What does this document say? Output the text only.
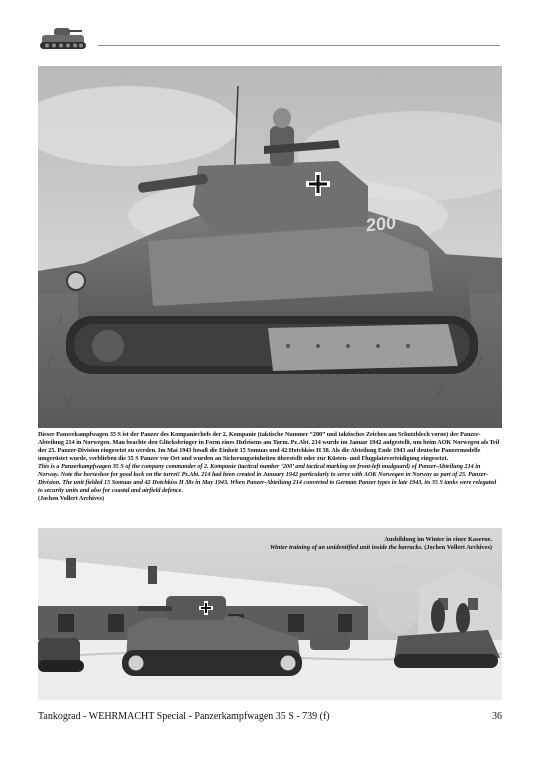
200

Dieser Panzerkampfwagen 35 S ist der Panzer des Kompaniechefs der 2. Kompanie (taktische Nummer “200” und taktisches Zeichen am Schutzblech vorne) der Panzer-Abteilung 214 in Norwegen. Man beachte den Glücksbringer in Form eines Hufeisens am Turm. Pz.Abt. 214 wurde im Januar 1942 aufgestellt, um beim AOK Norwegen als Teil der 25. Panzer-Division eingesetzt zu werden. Im Mai 1943 besaß die Einheit 15 Somuas und 42 Hotchkiss H 38. Als die Abteilung Ende 1943 auf deutsche Panzermodelle umgerüstet wurde, verblieben die 35 S Panzer vor Ort und wurden an Sicherungseinheiten überstellt oder zur Küsten- und Flugplatzverteidigung eingesetzt.

This is a Panzerkampfwagen 35 S of the company commander of 2. Kompanie (tactical number ‘200’ and tactical marking on front-left mudguard) of Panzer-Abteilung 214 in Norway. Note the horseshoe for good luck on the turret! Pz.Abt. 214 had been created in January 1942 particularly to serve with AOK Norwegen in Norway as part of 25. Panzer-Division. The unit fielded 15 Somuas and 42 Hotchkiss H 38s in May 1943. When Panzer-Abteilung 214 converted to German Panzer types in late 1943, its 35 S tanks were relegated to security units and also for coastal and airfield defence.

(Jochen Vollert Archives)

Ausbildung im Winter in einer Kaserne.

Winter training of an unidentified unit inside the barracks. (Jochen Vollert Archives)

Tankograd - WEHRMACHT Special - Panzerkampfwagen 35 S - 739 (f)	36
